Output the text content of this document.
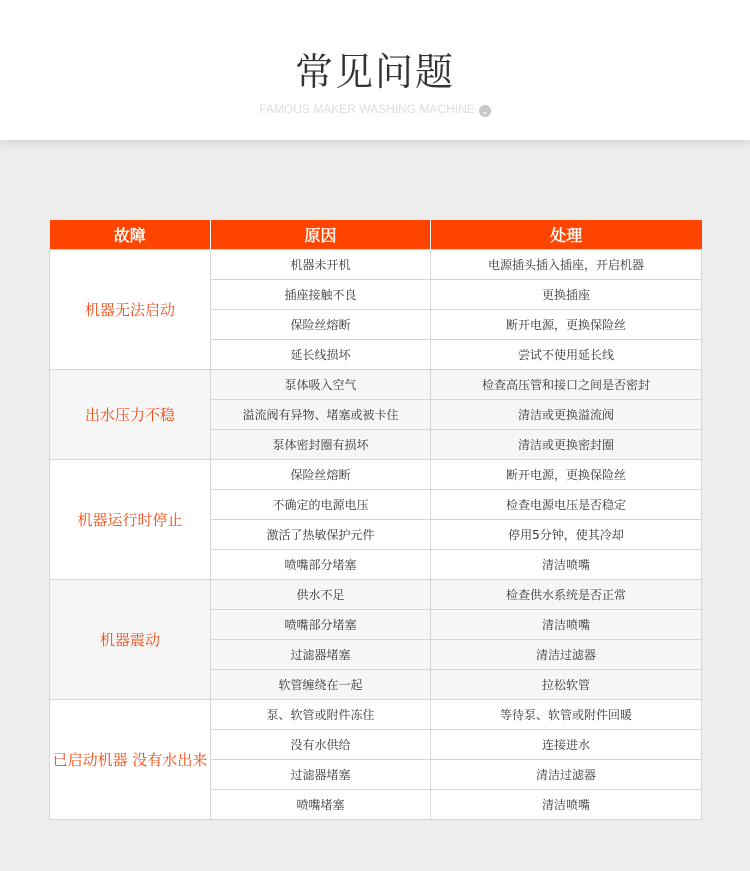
常见问题
FAMOUS MAKER WASHING MACHINE ⌄
故障	原因	处理
机器无法启动	机器未开机	电源插头插入插座，开启机器
	插座接触不良	更换插座
	保险丝熔断	断开电源，更换保险丝
	延长线损坏	尝试不使用延长线
出水压力不稳	泵体吸入空气	检查高压管和接口之间是否密封
	溢流阀有异物、堵塞或被卡住	清洁或更换溢流阀
	泵体密封圈有损坏	清洁或更换密封圈
机器运行时停止	保险丝熔断	断开电源，更换保险丝
	不确定的电源电压	检查电源电压是否稳定
	激活了热敏保护元件	停用5分钟，使其冷却
	喷嘴部分堵塞	清洁喷嘴
机器震动	供水不足	检查供水系统是否正常
	喷嘴部分堵塞	清洁喷嘴
	过滤器堵塞	清洁过滤器
	软管缠绕在一起	拉松软管
已启动机器 没有水出来	泵、软管或附件冻住	等待泵、软管或附件回暖
	没有水供给	连接进水
	过滤器堵塞	清洁过滤器
	喷嘴堵塞	清洁喷嘴
